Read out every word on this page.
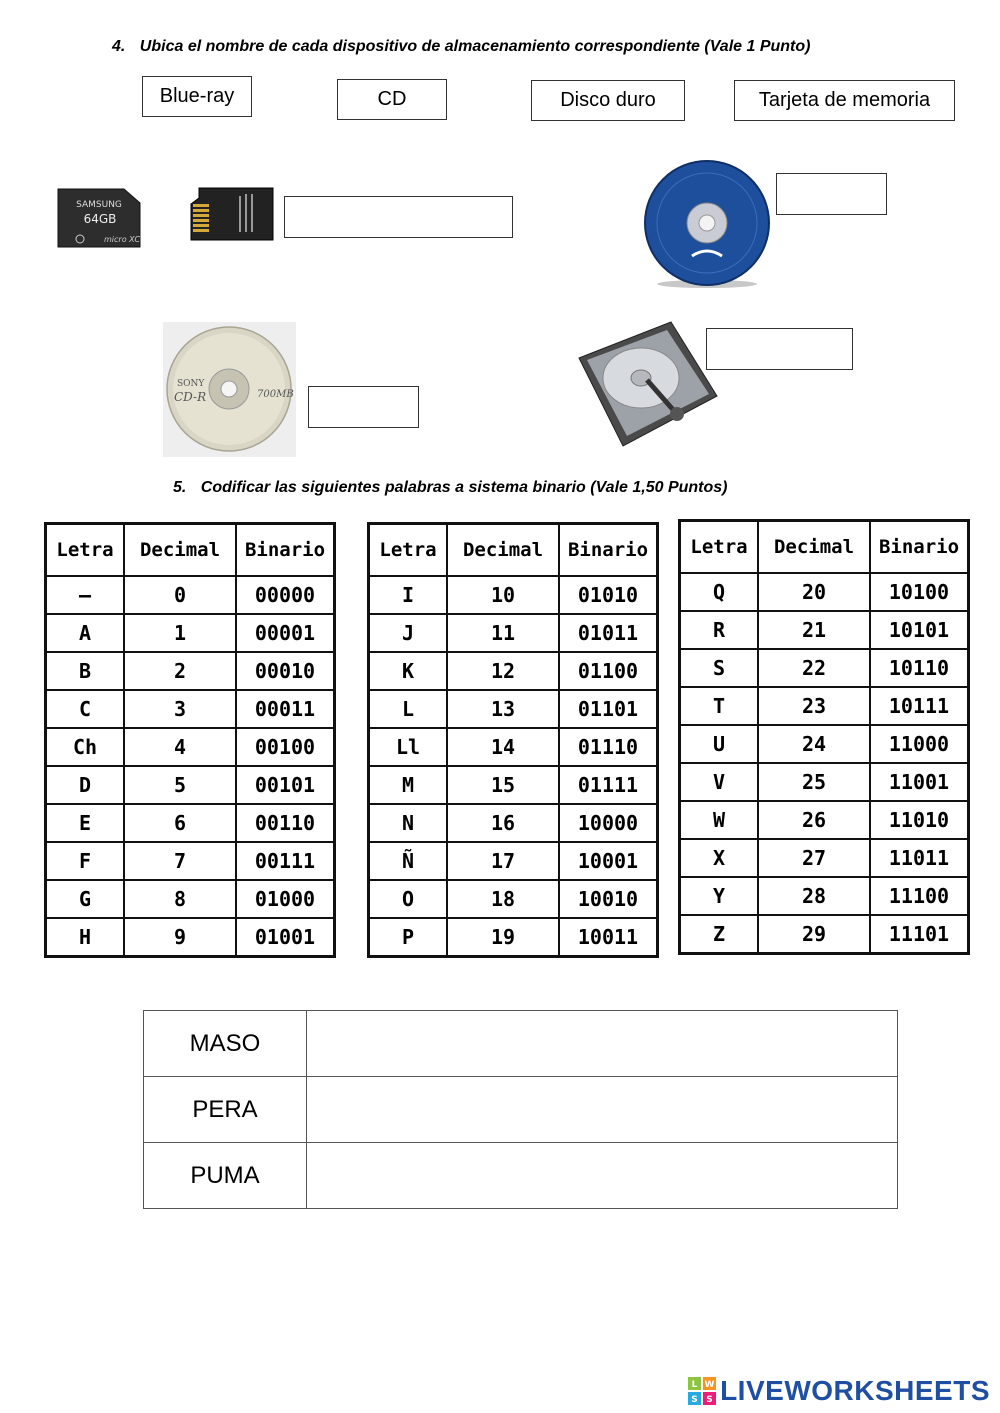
4. Ubica el nombre de cada dispositivo de almacenamiento correspondiente (Vale 1 Punto)
Blue-ray	CD	Disco duro	Tarjeta de memoria
SAMSUNG
64GB
micro XC
SONY
CD-R	700MB
5. Codificar las siguientes palabras a sistema binario (Vale 1,50 Puntos)
Letra	Decimal	Binario
—	0	00000
A	1	00001
B	2	00010
C	3	00011
Ch	4	00100
D	5	00101
E	6	00110
F	7	00111
G	8	01000
H	9	01001
Letra	Decimal	Binario
I	10	01010
J	11	01011
K	12	01100
L	13	01101
Ll	14	01110
M	15	01111
N	16	10000
Ñ	17	10001
O	18	10010
P	19	10011
Letra	Decimal	Binario
Q	20	10100
R	21	10101
S	22	10110
T	23	10111
U	24	11000
V	25	11001
W	26	11010
X	27	11011
Y	28	11100
Z	29	11101
MASO	
PERA	
PUMA	
L W
S S LIVEWORKSHEETS
